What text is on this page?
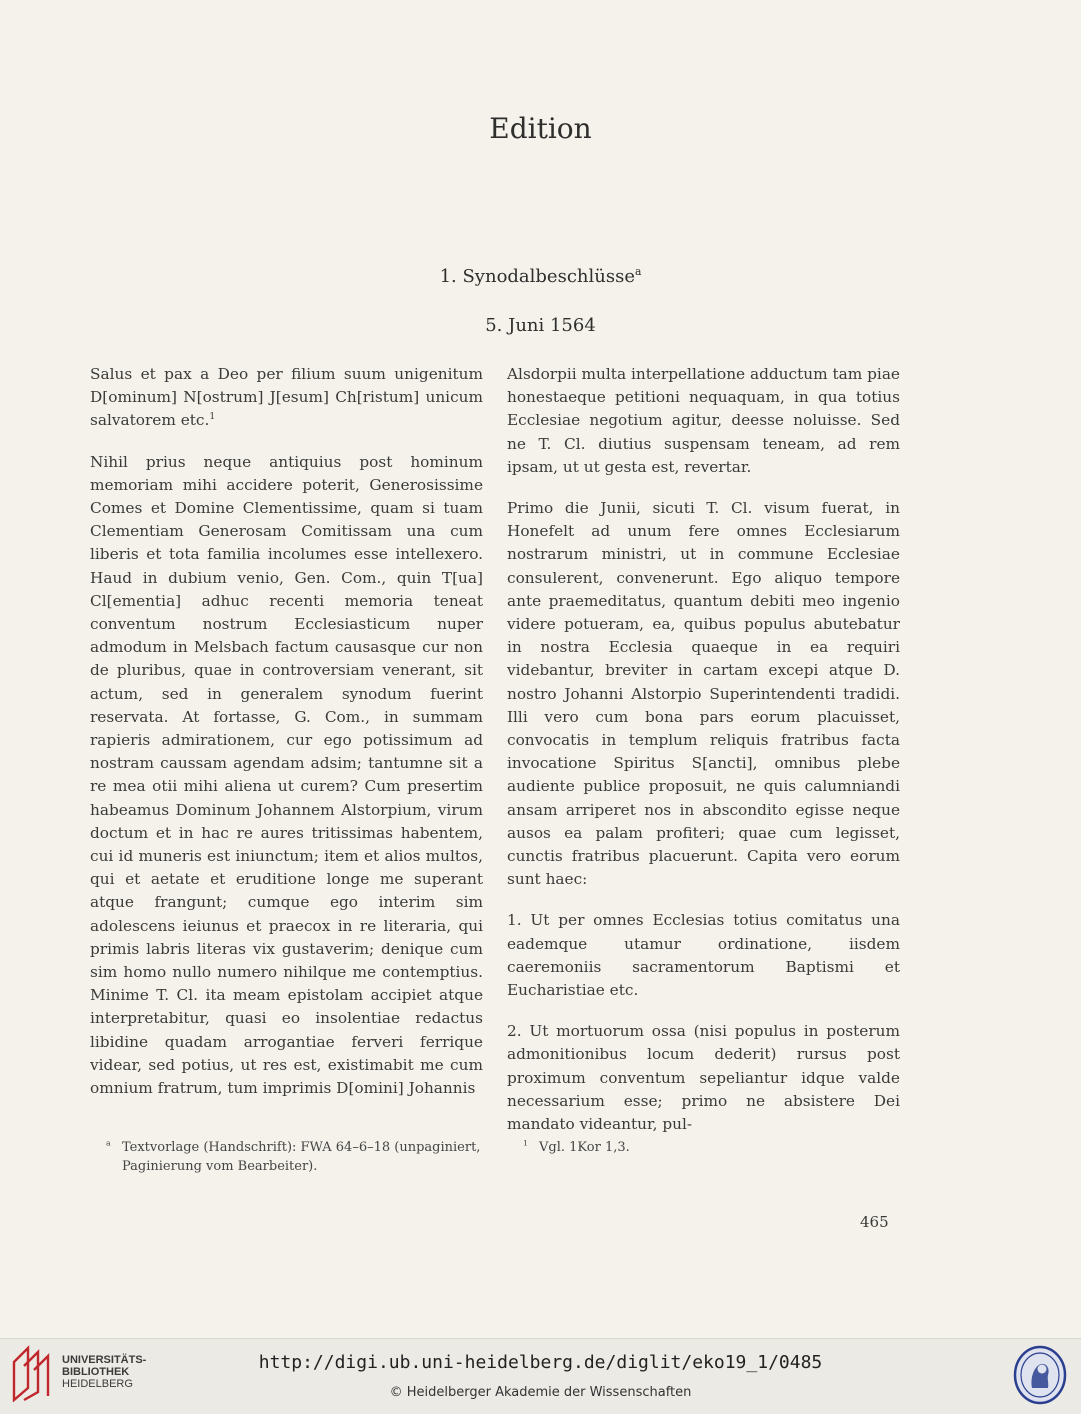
Edition
1. Synodalbeschlüsse$^a$
5. Juni 1564

Salus et pax a Deo per filium suum unigenitum D[ominum] N[ostrum] J[esum] Ch[ristum] unicum salvatorem etc.$^1$

Nihil prius neque antiquius post hominum memoriam mihi accidere poterit, Generosissime Comes et Domine Clementissime, quam si tuam Clementiam Generosam Comitissam una cum liberis et tota familia incolumes esse intellexero. Haud in dubium venio, Gen. Com., quin T[ua] Cl[ementia] adhuc recenti memoria teneat conventum nostrum Ecclesiasticum nuper admodum in Melsbach factum causasque cur non de pluribus, quae in controversiam venerant, sit actum, sed in generalem synodum fuerint reservata. At fortasse, G. Com., in summam rapieris admirationem, cur ego potissimum ad nostram caussam agendam adsim; tantumne sit a re mea otii mihi aliena ut curem? Cum presertim habeamus Dominum Johannem Alstorpium, virum doctum et in hac re aures tritissimas habentem, cui id muneris est iniunctum; item et alios multos, qui et aetate et eruditione longe me superant atque frangunt; cumque ego interim sim adolescens ieiunus et praecox in re literaria, qui primis labris literas vix gustaverim; denique cum sim homo nullo numero nihilque me contemptius. Minime T. Cl. ita meam epistolam accipiet atque interpretabitur, quasi eo insolentiae redactus libidine quadam arrogantiae ferveri ferrique videar, sed potius, ut res est, existimabit me cum omnium fratrum, tum imprimis D[omini] Johannis

Alsdorpii multa interpellatione adductum tam piae honestaeque petitioni nequaquam, in qua totius Ecclesiae negotium agitur, deesse noluisse. Sed ne T. Cl. diutius suspensam teneam, ad rem ipsam, ut ut gesta est, revertar.

Primo die Junii, sicuti T. Cl. visum fuerat, in Honefelt ad unum fere omnes Ecclesiarum nostrarum ministri, ut in commune Ecclesiae consulerent, convenerunt. Ego aliquo tempore ante praemeditatus, quantum debiti meo ingenio videre potueram, ea, quibus populus abutebatur in nostra Ecclesia quaeque in ea requiri videbantur, breviter in cartam excepi atque D. nostro Johanni Alstorpio Superintendenti tradidi. Illi vero cum bona pars eorum placuisset, convocatis in templum reliquis fratribus facta invocatione Spiritus S[ancti], omnibus plebe audiente publice proposuit, ne quis calumniandi ansam arriperet nos in abscondito egisse neque ausos ea palam profiteri; quae cum legisset, cunctis fratribus placuerunt. Capita vero eorum sunt haec:

1. Ut per omnes Ecclesias totius comitatus una eademque utamur ordinatione, iisdem caeremoniis sacramentorum Baptismi et Eucharistiae etc.

2. Ut mortuorum ossa (nisi populus in posterum admonitionibus locum dederit) rursus post proximum conventum sepeliantur idque valde necessarium esse; primo ne absistere Dei mandato videantur, pul-

$^a$ Textvorlage (Handschrift): FWA 64–6–18 (unpaginiert,
Paginierung vom Bearbeiter).
$^1$ Vgl. 1Kor 1,3.
465
UNIVERSITÄTS-
BIBLIOTHEK
HEIDELBERG
http://digi.ub.uni-heidelberg.de/diglit/eko19_1/0485
© Heidelberger Akademie der Wissenschaften
